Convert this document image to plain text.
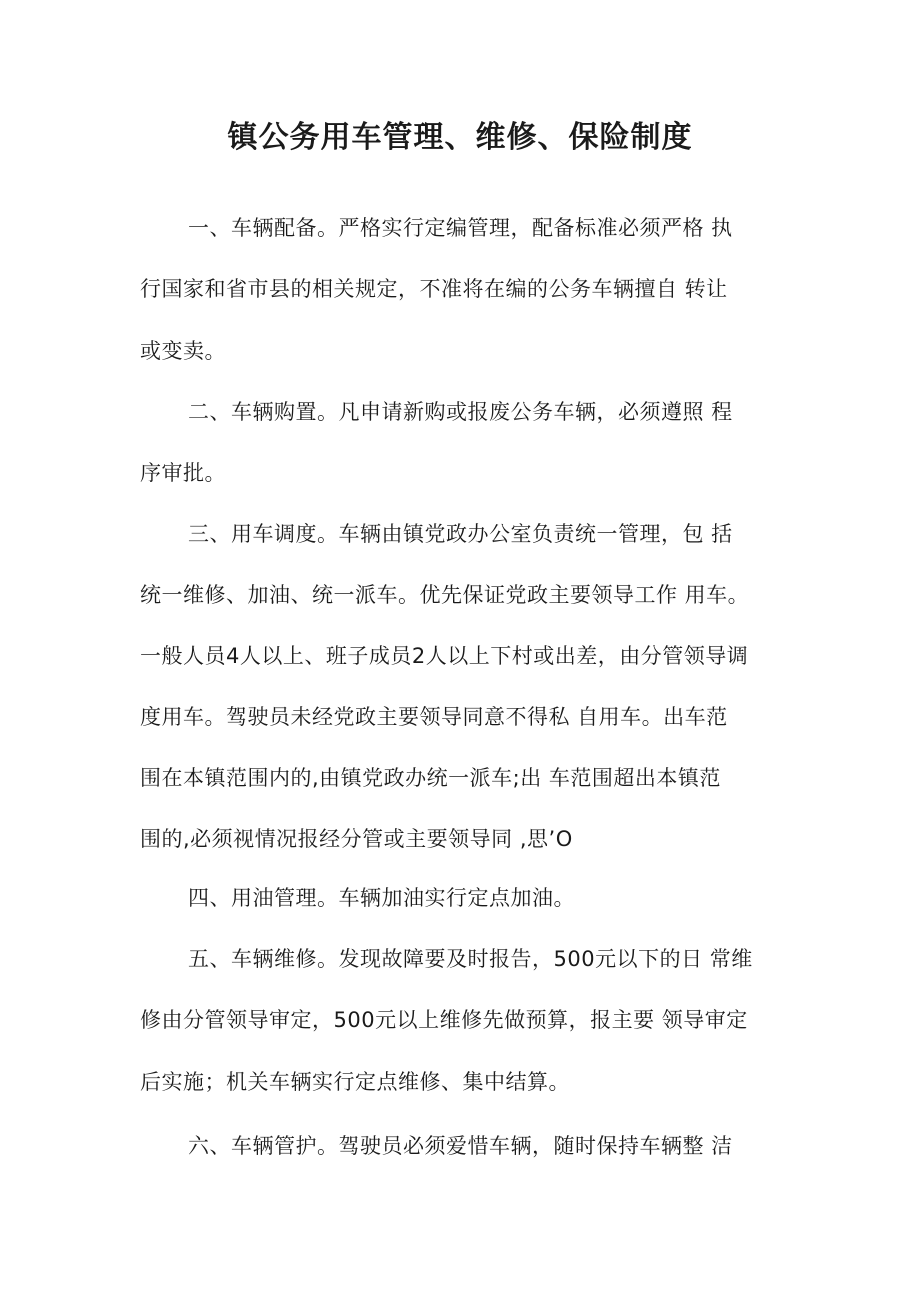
镇公务用车管理、维修、保险制度
一、车辆配备。严格实行定编管理，配备标准必须严格 执
行国家和省市县的相关规定，不准将在编的公务车辆擅自 转让
或变卖。
二、车辆购置。凡申请新购或报废公务车辆，必须遵照 程
序审批。
三、用车调度。车辆由镇党政办公室负责统一管理，包 括
统一维修、加油、统一派车。优先保证党政主要领导工作 用车。
一般人员4人以上、班子成员2人以上下村或出差，由分管领导调
度用车。驾驶员未经党政主要领导同意不得私 自用车。出车范
围在本镇范围内的,由镇党政办统一派车;出 车范围超出本镇范
围的,必须视情况报经分管或主要领导同 ,思’O
四、用油管理。车辆加油实行定点加油。
五、车辆维修。发现故障要及时报告，500元以下的日 常维
修由分管领导审定，500元以上维修先做预算，报主要 领导审定
后实施；机关车辆实行定点维修、集中结算。
六、车辆管护。驾驶员必须爱惜车辆，随时保持车辆整 洁
